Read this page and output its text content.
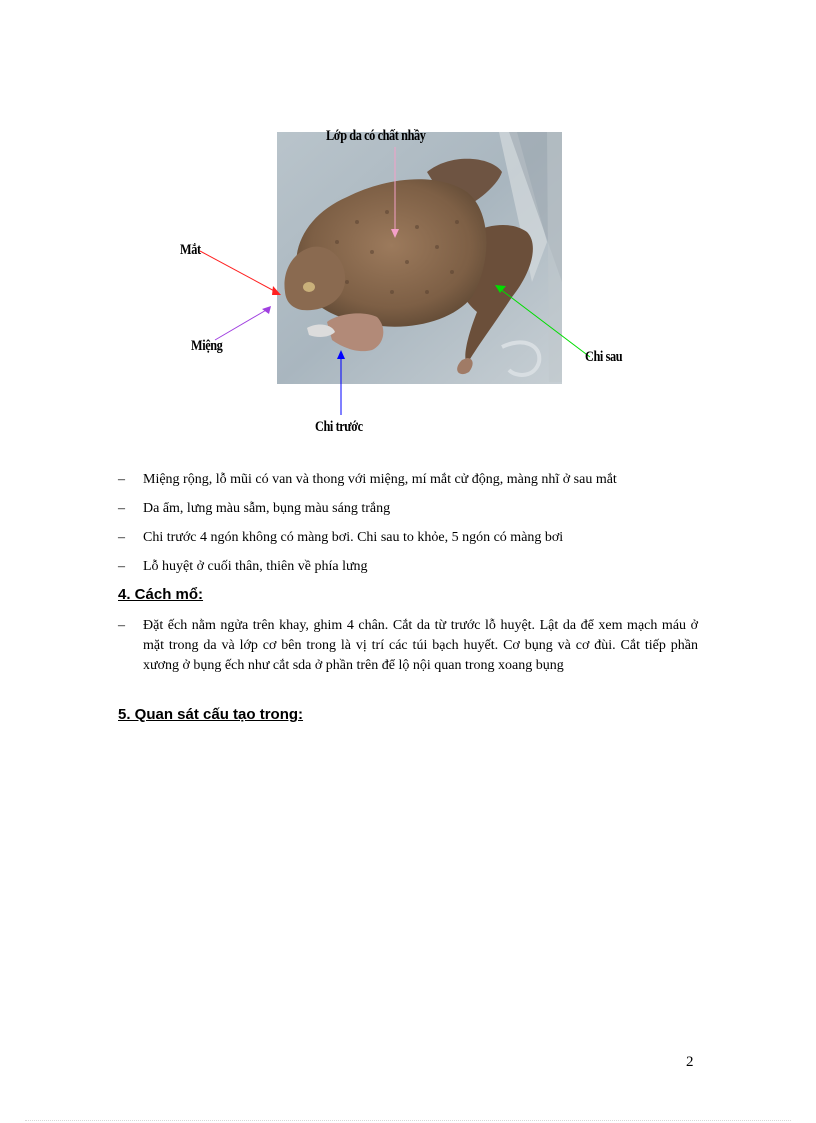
Lớp da có chất nhầy
Mắt
Miệng
Chi sau
Chi trước
–	Miệng rộng, lỗ mũi có van và thong với miệng, mí mắt cử động, màng nhĩ ở sau mắt
–	Da ẩm, lưng màu sẫm, bụng màu sáng trắng
–	Chi trước 4 ngón không có màng bơi. Chi sau to khỏe, 5 ngón có màng bơi
–	Lỗ huyệt ở cuối thân, thiên về phía lưng
4. Cách mổ:
–	Đặt ếch nằm ngửa trên khay, ghim 4 chân. Cắt da từ trước lỗ huyệt. Lật da để xem mạch máu ở mặt trong da và lớp cơ bên trong là vị trí các túi bạch huyết. Cơ bụng và cơ đùi. Cắt tiếp phần xương ở bụng ếch như cắt sda ở phần trên để lộ nội quan trong xoang bụng
5. Quan sát cấu tạo trong:
2
